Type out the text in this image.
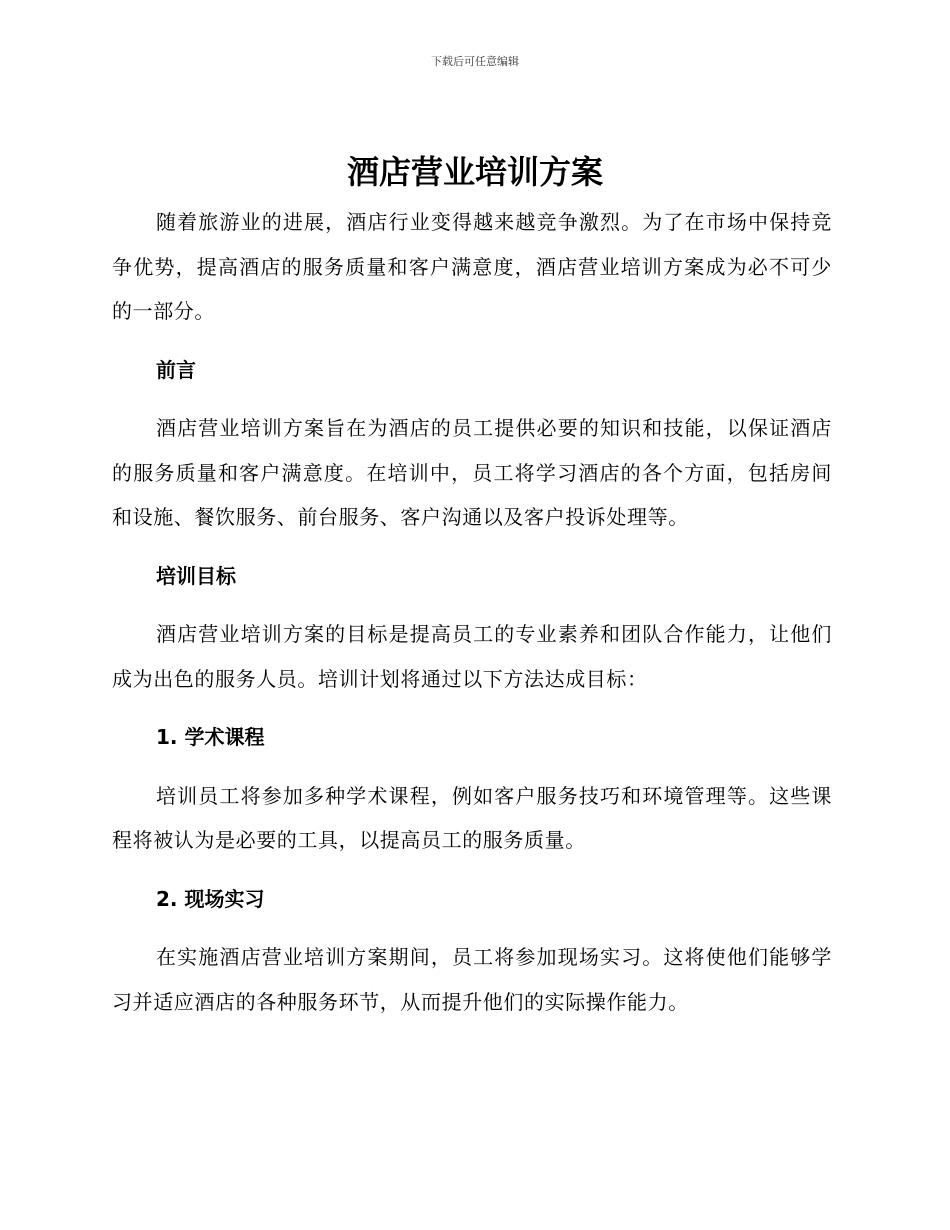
下载后可任意编辑
酒店营业培训方案

随着旅游业的进展，酒店行业变得越来越竞争激烈。为了在市场中保持竞争优势，提高酒店的服务质量和客户满意度，酒店营业培训方案成为必不可少的一部分。

前言

酒店营业培训方案旨在为酒店的员工提供必要的知识和技能，以保证酒店的服务质量和客户满意度。在培训中，员工将学习酒店的各个方面，包括房间和设施、餐饮服务、前台服务、客户沟通以及客户投诉处理等。

培训目标

酒店营业培训方案的目标是提高员工的专业素养和团队合作能力，让他们成为出色的服务人员。培训计划将通过以下方法达成目标：

1. 学术课程

培训员工将参加多种学术课程，例如客户服务技巧和环境管理等。这些课程将被认为是必要的工具，以提高员工的服务质量。

2. 现场实习

在实施酒店营业培训方案期间，员工将参加现场实习。这将使他们能够学习并适应酒店的各种服务环节，从而提升他们的实际操作能力。
